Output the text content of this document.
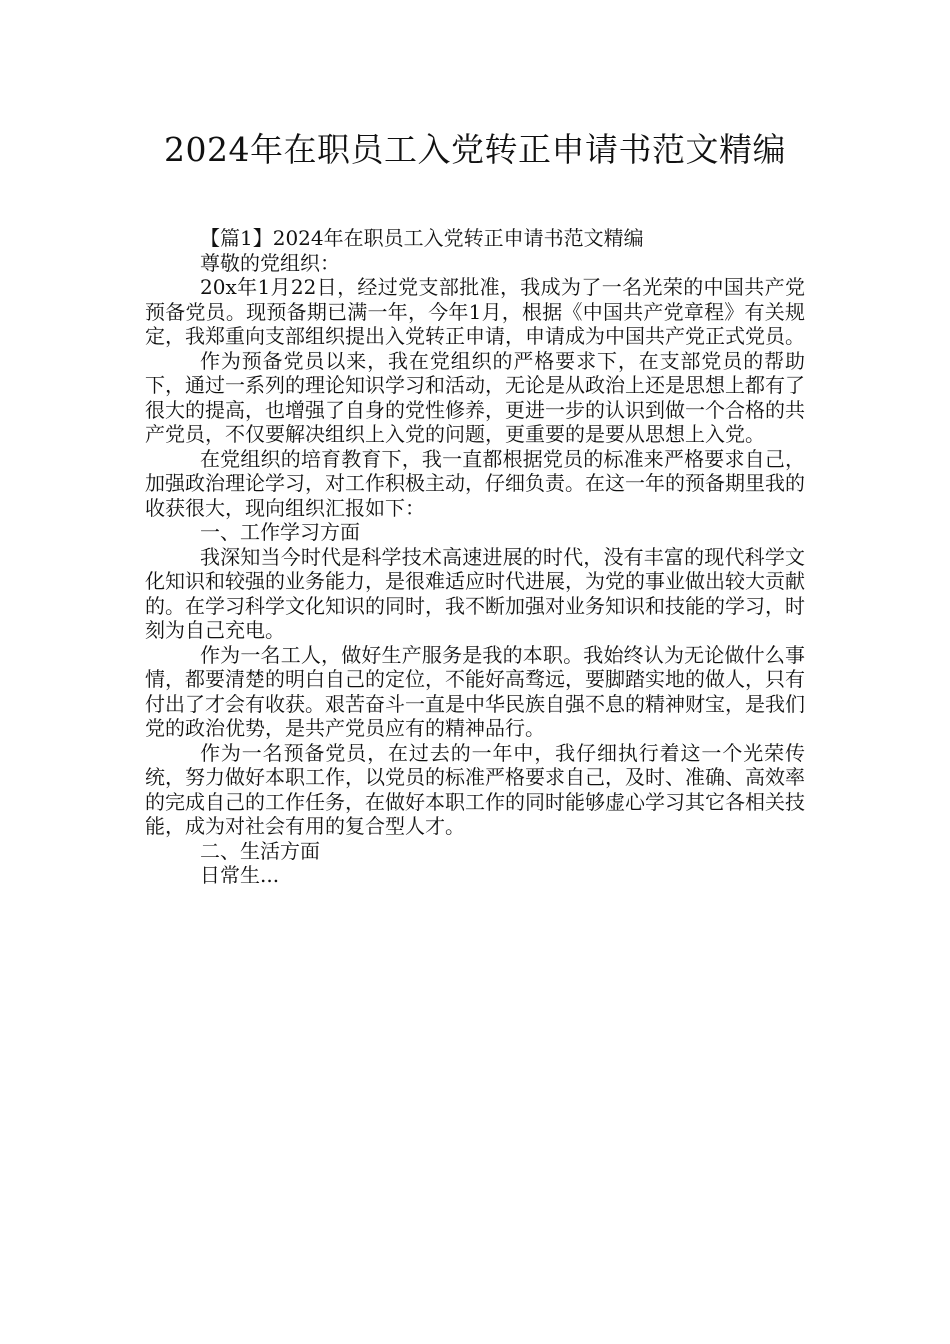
2024年在职员工入党转正申请书范文精编

【篇1】2024年在职员工入党转正申请书范文精编

尊敬的党组织：

20x年1月22日，经过党支部批准，我成为了一名光荣的中国共产党预备党员。现预备期已满一年，今年1月，根据《中国共产党章程》有关规定，我郑重向支部组织提出入党转正申请，申请成为中国共产党正式党员。

作为预备党员以来，我在党组织的严格要求下，在支部党员的帮助下，通过一系列的理论知识学习和活动，无论是从政治上还是思想上都有了很大的提高，也增强了自身的党性修养，更进一步的认识到做一个合格的共产党员，不仅要解决组织上入党的问题，更重要的是要从思想上入党。

在党组织的培育教育下，我一直都根据党员的标准来严格要求自己，加强政治理论学习，对工作积极主动，仔细负责。在这一年的预备期里我的收获很大，现向组织汇报如下：

一、工作学习方面

我深知当今时代是科学技术高速进展的时代，没有丰富的现代科学文化知识和较强的业务能力，是很难适应时代进展，为党的事业做出较大贡献的。在学习科学文化知识的同时，我不断加强对业务知识和技能的学习，时刻为自己充电。

作为一名工人，做好生产服务是我的本职。我始终认为无论做什么事情，都要清楚的明白自己的定位，不能好高骛远，要脚踏实地的做人，只有付出了才会有收获。艰苦奋斗一直是中华民族自强不息的精神财宝，是我们党的政治优势，是共产党员应有的精神品行。

作为一名预备党员，在过去的一年中，我仔细执行着这一个光荣传统，努力做好本职工作，以党员的标准严格要求自己，及时、准确、高效率的完成自己的工作任务，在做好本职工作的同时能够虚心学习其它各相关技能，成为对社会有用的复合型人才。

二、生活方面

日常生...
